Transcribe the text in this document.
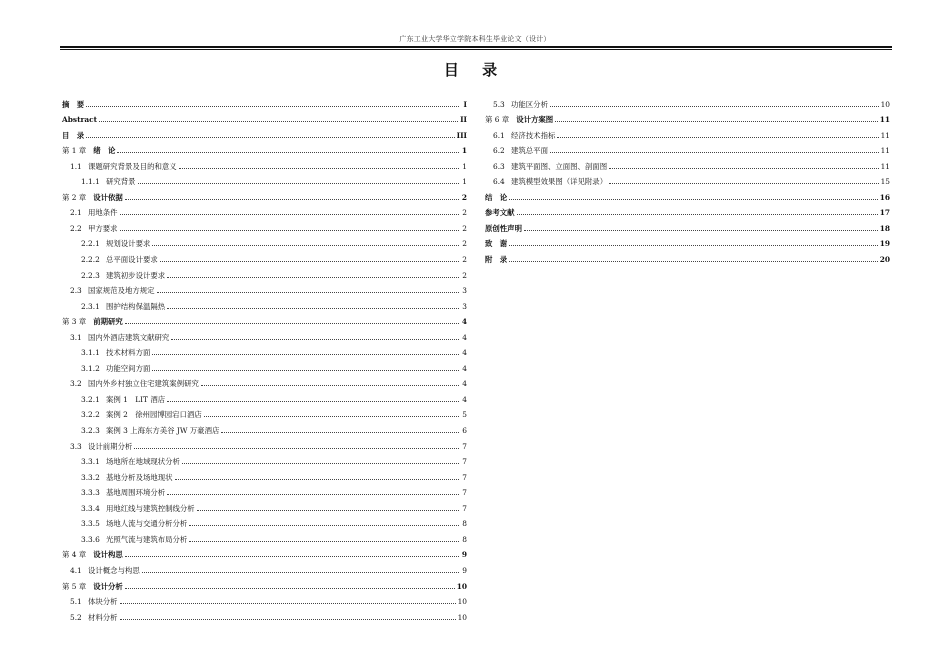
广东工业大学华立学院本科生毕业论文（设计）
目 录
摘　要	I
Abstract	II
目　录	III
第 1 章 绪　论	1
1.1 课题研究背景及目的和意义	1
1.1.1 研究背景	1
第 2 章 设计依据	2
2.1 用地条件	2
2.2 甲方要求	2
2.2.1 规划设计要求	2
2.2.2 总平面设计要求	2
2.2.3 建筑初步设计要求	2
2.3 国家规范及地方规定	3
2.3.1 围护结构保温隔热	3
第 3 章 前期研究	4
3.1 国内外酒店建筑文献研究	4
3.1.1 技术材料方面	4
3.1.2 功能空间方面	4
3.2 国内外乡村独立住宅建筑案例研究	4
3.2.1 案例 1　LIT 酒店	4
3.2.2 案例 2　徐州园博园宕口酒店	5
3.2.3 案例 3 上海东方美谷 JW 万豪酒店	6
3.3 设计前期分析	7
3.3.1 场地所在地域现状分析	7
3.3.2 基地分析及场地现状	7
3.3.3 基地周围环境分析	7
3.3.4 用地红线与建筑控制线分析	7
3.3.5 场地人流与交通分析分析	8
3.3.6 光照气流与建筑布局分析	8
第 4 章 设计构思	9
4.1 设计概念与构思	9
第 5 章 设计分析	10
5.1 体块分析	10
5.2 材料分析	10
5.3 功能区分析	10
第 6 章 设计方案图	11
6.1 经济技术指标	11
6.2 建筑总平面	11
6.3 建筑平面图、立面图、剖面图	11
6.4 建筑模型效果图（详见附录）	15
结　论	16
参考文献	17
原创性声明	18
致　谢	19
附　录	20
